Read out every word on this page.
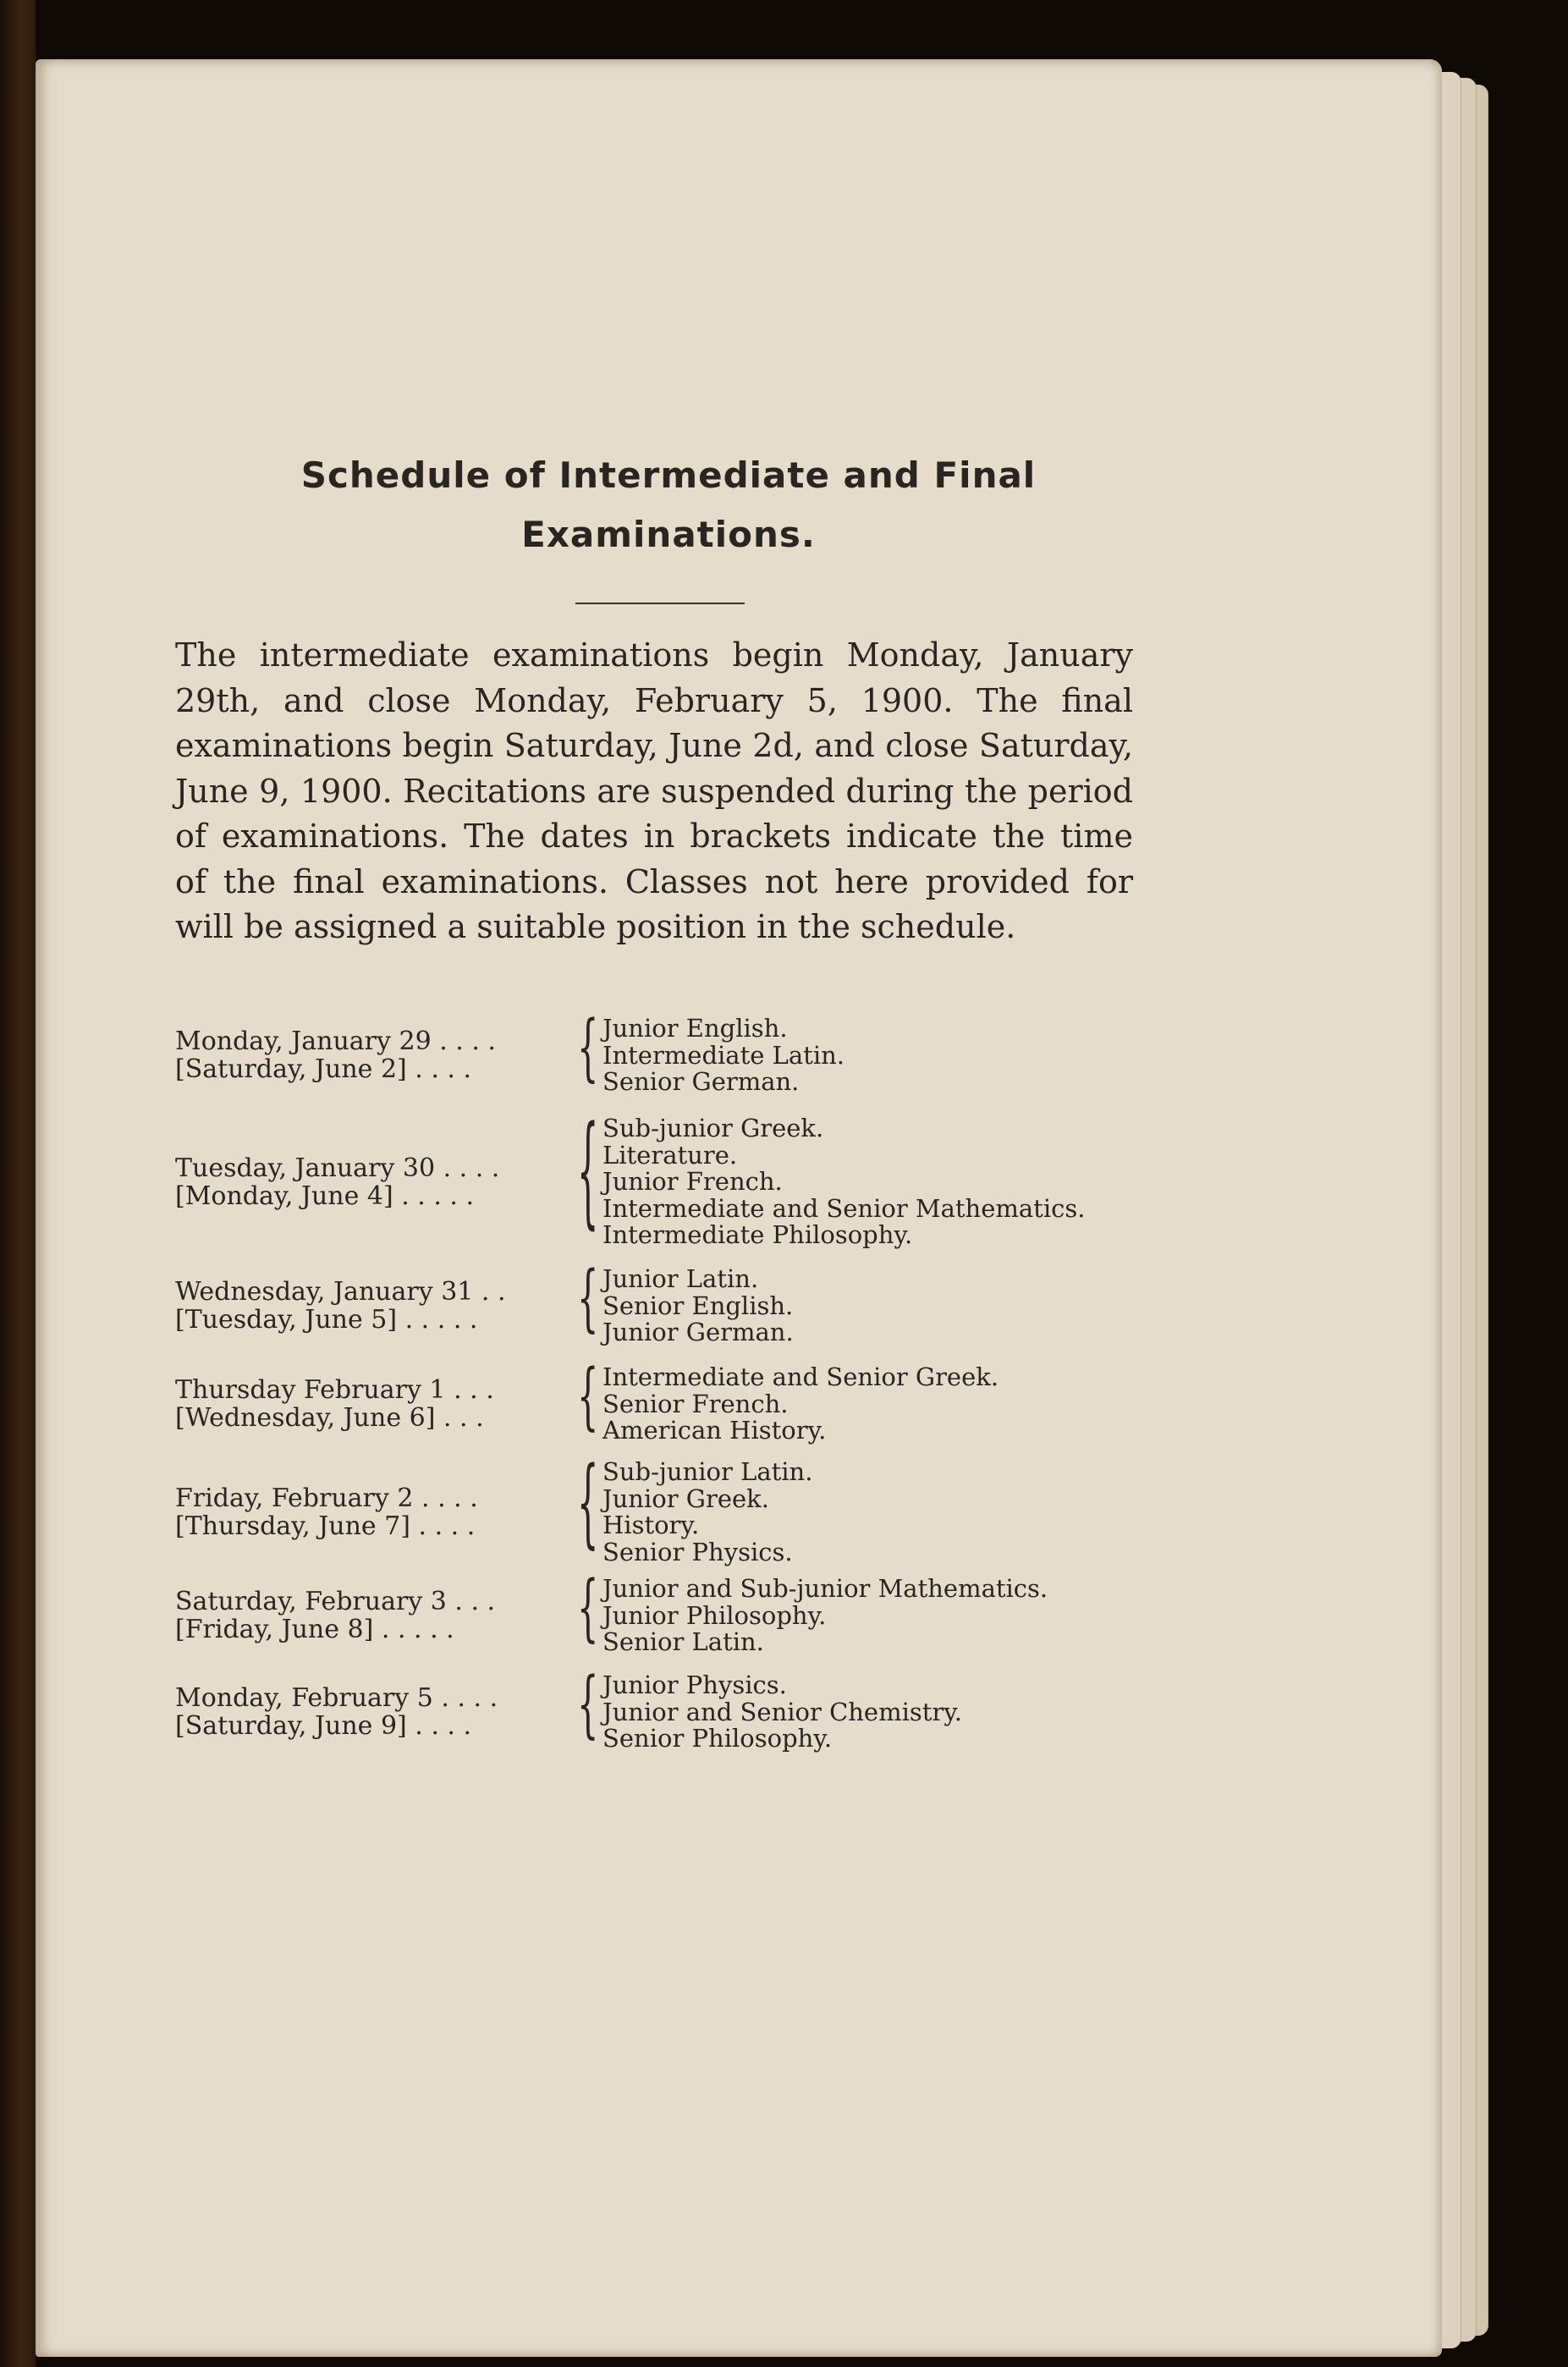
Schedule of Intermediate and Final
Examinations.

The intermediate examinations begin Monday, January 29th, and close Monday, February 5, 1900. The final examinations begin Saturday, June 2d, and close Saturday, June 9, 1900. Recitations are suspended during the period of examinations. The dates in brackets indicate the time of the final examinations. Classes not here provided for will be assigned a suitable position in the schedule.

Monday, January 29 . . . .
[Saturday, June 2] . . . .	{ Junior English.
Intermediate Latin.
Senior German.
Tuesday, January 30 . . . .
[Monday, June 4] . . . . .	{ Sub-junior Greek.
Literature.
Junior French.
Intermediate and Senior Mathematics.
Intermediate Philosophy.
Wednesday, January 31 . .
[Tuesday, June 5] . . . . .	{ Junior Latin.
Senior English.
Junior German.
Thursday February 1 . . .
[Wednesday, June 6] . . .	{ Intermediate and Senior Greek.
Senior French.
American History.
Friday, February 2 . . . .
[Thursday, June 7] . . . .	{ Sub-junior Latin.
Junior Greek.
History.
Senior Physics.
Saturday, February 3 . . .
[Friday, June 8] . . . . .	{ Junior and Sub-junior Mathematics.
Junior Philosophy.
Senior Latin.
Monday, February 5 . . . .
[Saturday, June 9] . . . .	{ Junior Physics.
Junior and Senior Chemistry.
Senior Philosophy.
